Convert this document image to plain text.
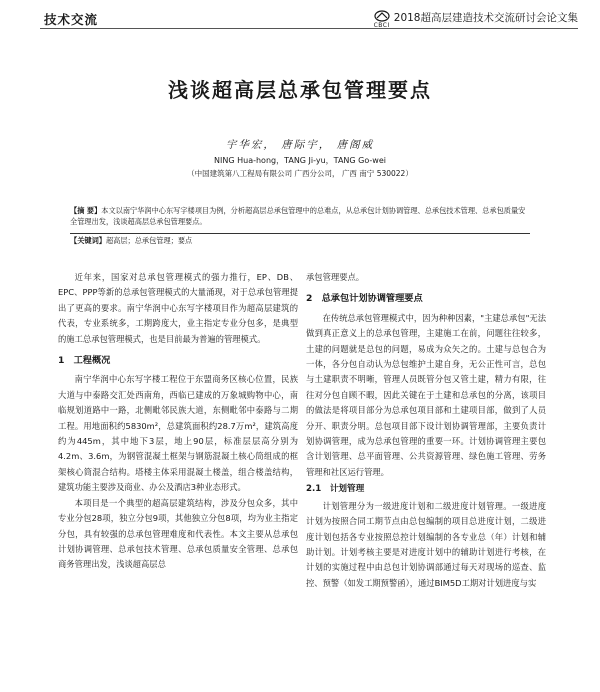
技术交流	CBCI
2018超高层建造技术交流研讨会论文集
浅谈超高层总承包管理要点
宇华宏， 唐际宇， 唐阁威
NING Hua-hong，TANG Ji-yu，TANG Go-wei
（中国建筑第八工程局有限公司 广西分公司， 广西 南宁 530022）
【摘 要】本文以南宁华润中心东写字楼项目为例，分析超高层总承包管理中的总难点，从总承包计划协调管理、总承包技术管理、总承包质量安全管理出发，浅谈超高层总承包管理要点。
【关键词】超高层；总承包管理；要点

近年来，国家对总承包管理模式的强力推行，EP、DB、EPC、PPP等新的总承包管理模式的大量涌现，对于总承包管理提出了更高的要求。南宁华润中心东写字楼项目作为超高层建筑的代表，专业系统多，工期跨度大，业主指定专业分包多，是典型的施工总承包管理模式，也是目前最为普遍的管理模式。

1　工程概况

南宁华润中心东写字楼工程位于东盟商务区核心位置，民族大道与中泰路交汇处西南角，西临已建成的万象城购物中心，南临规划道路中一路，北侧毗邻民族大道，东侧毗邻中泰路与二期工程。用地面积约5830m²，总建筑面积约28.7万m²，建筑高度约为445m，其中地下3层，地上90层，标准层层高分别为4.2m、3.6m，为钢管混凝土框架与钢筋混凝土核心筒组成的框架核心筒混合结构。塔楼主体采用混凝土楼盖，组合楼盖结构，建筑功能主要涉及商业、办公及酒店3种业态形式。

本项目是一个典型的超高层建筑结构，涉及分包众多，其中专业分包28项，独立分包9项，其他独立分包8项，均为业主指定分包，具有较强的总承包管理难度和代表性。本文主要从总承包计划协调管理、总承包技术管理、总承包质量安全管理、总承包商务管理出发，浅谈超高层总

承包管理要点。

2　总承包计划协调管理要点

在传统总承包管理模式中，因为种种因素，"主建总承包"无法做到真正意义上的总承包管理，主建施工在前，问题往往较多，土建的问题就是总包的问题，易成为众矢之的。土建与总包合为一体，各分包自动认为总包维护土建自身，无公正性可言，总包与土建职责不明晰，管理人员既管分包又管土建，精力有限，往往对分包自顾不暇，因此关键在于土建和总承包的分离，该项目的做法是将项目部分为总承包项目部和土建项目部，做到了人员分开、职责分明。总包项目部下设计划协调管理部，主要负责计划协调管理，成为总承包管理的重要一环。计划协调管理主要包含计划管理、总平面管理、公共资源管理、绿色施工管理、劳务管理和社区运行管理。

2.1　计划管理

计划管理分为一级进度计划和二级进度计划管理。一级进度计划为按照合同工期节点由总包编制的项目总进度计划，二级进度计划包括各专业按照总控计划编制的各专业总（年）计划和辅助计划。计划考核主要是对进度计划中的辅助计划进行考核，在计划的实施过程中由总包计划协调部通过每天对现场的巡查、监控、预警（如发工期预警函），通过BIM5D工期对计划进度与实
